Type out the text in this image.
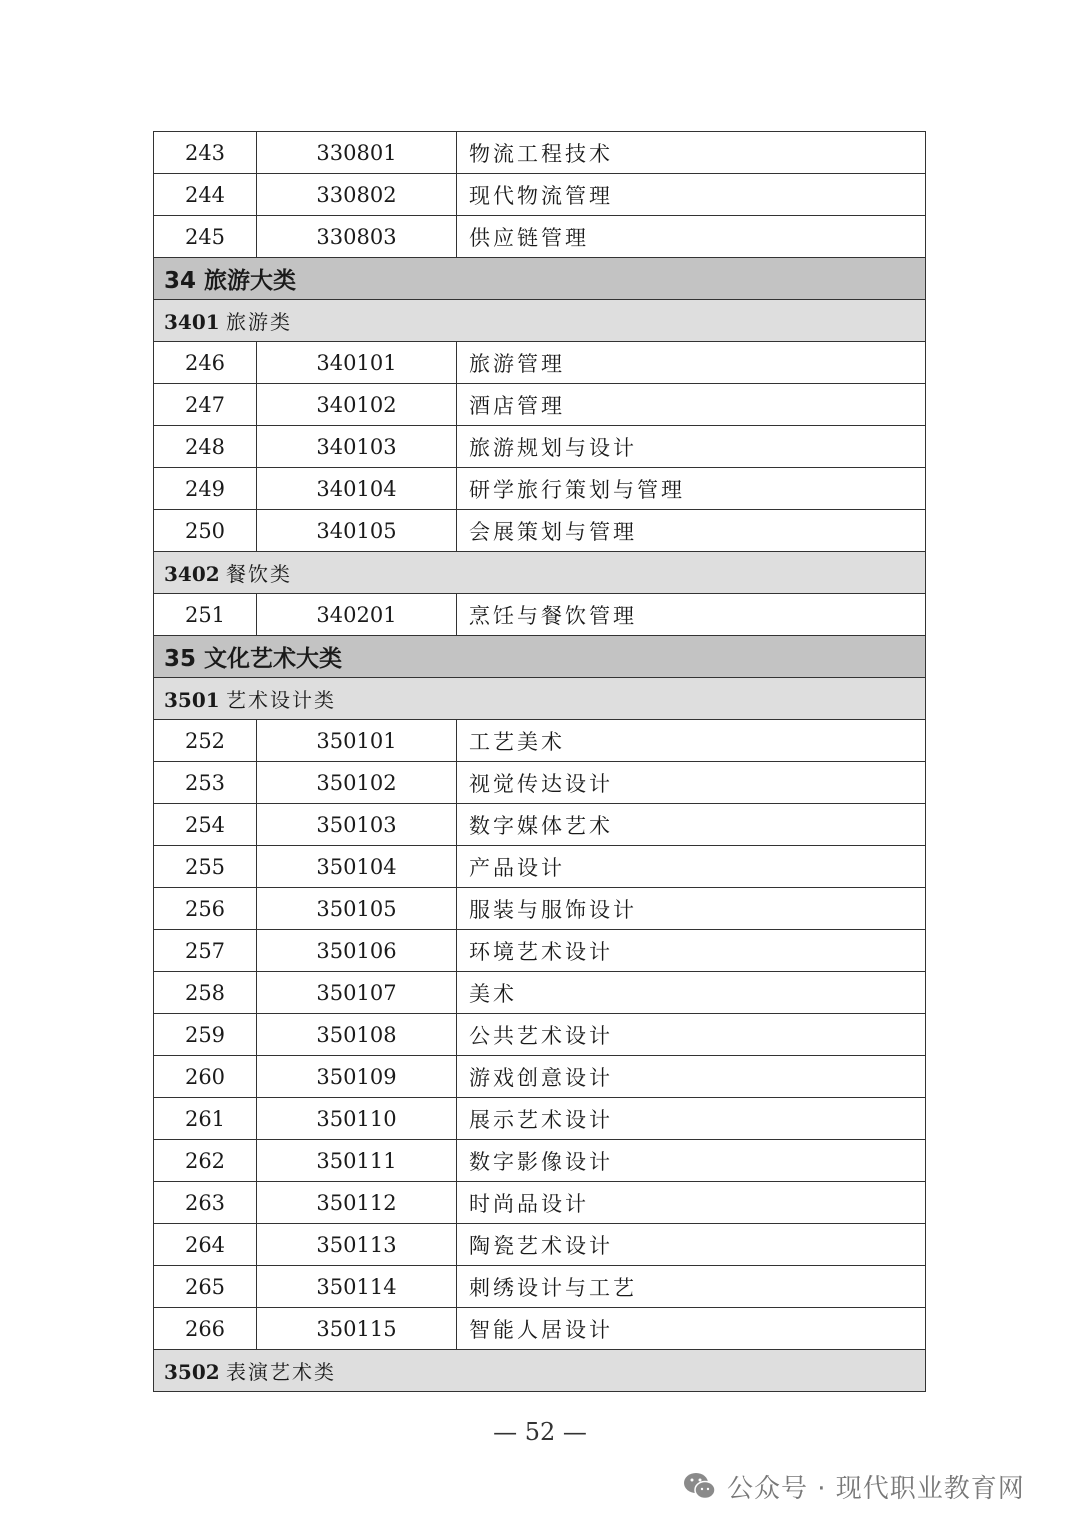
243	330801	物流工程技术
244	330802	现代物流管理
245	330803	供应链管理
34 旅游大类		
3401 旅游类		
246	340101	旅游管理
247	340102	酒店管理
248	340103	旅游规划与设计
249	340104	研学旅行策划与管理
250	340105	会展策划与管理
3402 餐饮类		
251	340201	烹饪与餐饮管理
35 文化艺术大类		
3501 艺术设计类		
252	350101	工艺美术
253	350102	视觉传达设计
254	350103	数字媒体艺术
255	350104	产品设计
256	350105	服装与服饰设计
257	350106	环境艺术设计
258	350107	美术
259	350108	公共艺术设计
260	350109	游戏创意设计
261	350110	展示艺术设计
262	350111	数字影像设计
263	350112	时尚品设计
264	350113	陶瓷艺术设计
265	350114	刺绣设计与工艺
266	350115	智能人居设计
3502 表演艺术类		
— 52 —
公众号 · 现代职业教育网
